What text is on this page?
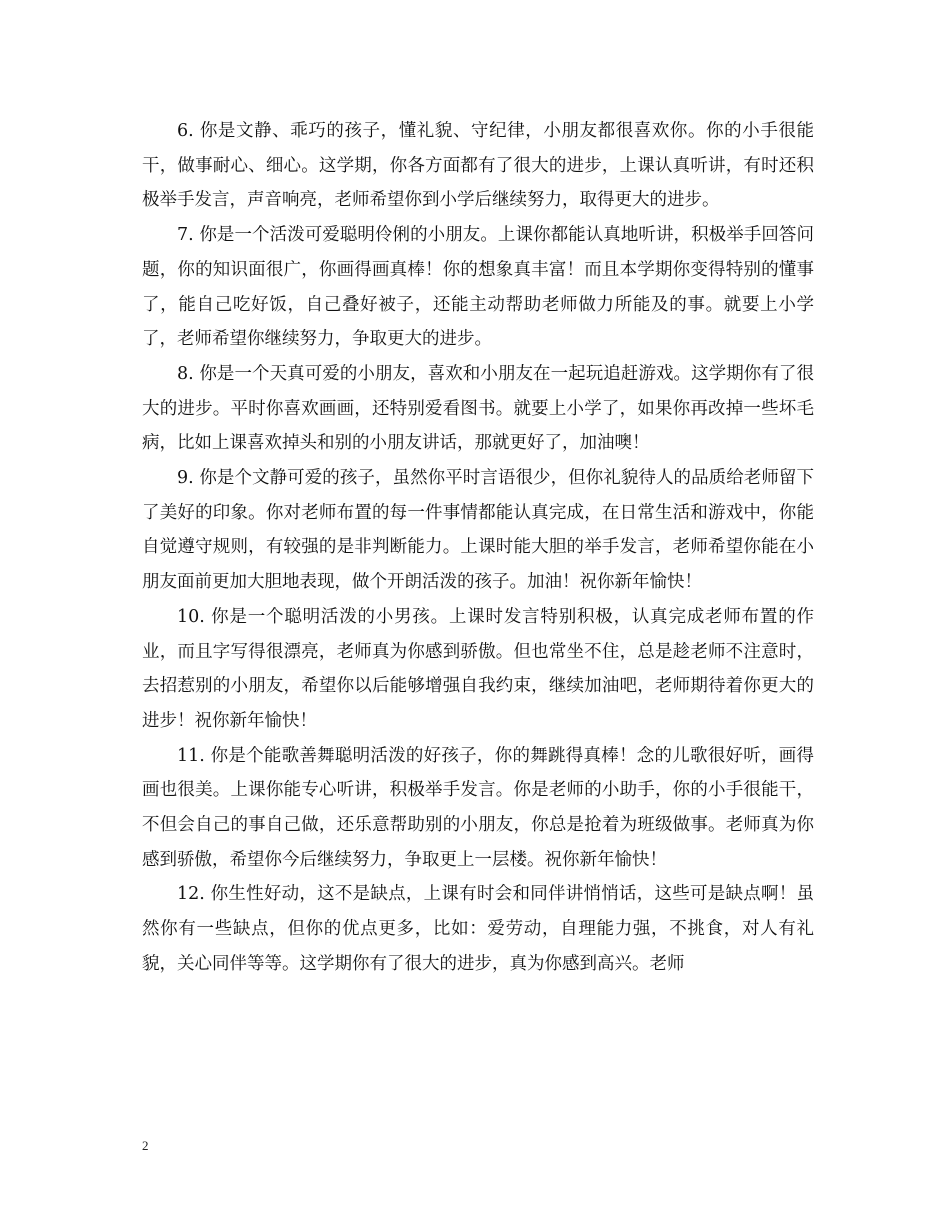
6. 你是文静、乖巧的孩子，懂礼貌、守纪律，小朋友都很喜欢你。你的小手很能干，做事耐心、细心。这学期，你各方面都有了很大的进步，上课认真听讲，有时还积极举手发言，声音响亮，老师希望你到小学后继续努力，取得更大的进步。

7. 你是一个活泼可爱聪明伶俐的小朋友。上课你都能认真地听讲，积极举手回答问题，你的知识面很广，你画得画真棒！你的想象真丰富！而且本学期你变得特别的懂事了，能自己吃好饭，自己叠好被子，还能主动帮助老师做力所能及的事。就要上小学了，老师希望你继续努力，争取更大的进步。

8. 你是一个天真可爱的小朋友，喜欢和小朋友在一起玩追赶游戏。这学期你有了很大的进步。平时你喜欢画画，还特别爱看图书。就要上小学了，如果你再改掉一些坏毛病，比如上课喜欢掉头和别的小朋友讲话，那就更好了，加油噢！

9. 你是个文静可爱的孩子，虽然你平时言语很少，但你礼貌待人的品质给老师留下了美好的印象。你对老师布置的每一件事情都能认真完成，在日常生活和游戏中，你能自觉遵守规则，有较强的是非判断能力。上课时能大胆的举手发言，老师希望你能在小朋友面前更加大胆地表现，做个开朗活泼的孩子。加油！祝你新年愉快！

10. 你是一个聪明活泼的小男孩。上课时发言特别积极，认真完成老师布置的作业，而且字写得很漂亮，老师真为你感到骄傲。但也常坐不住，总是趁老师不注意时，去招惹别的小朋友，希望你以后能够增强自我约束，继续加油吧，老师期待着你更大的进步！祝你新年愉快！

11. 你是个能歌善舞聪明活泼的好孩子，你的舞跳得真棒！念的儿歌很好听，画得画也很美。上课你能专心听讲，积极举手发言。你是老师的小助手，你的小手很能干，不但会自己的事自己做，还乐意帮助别的小朋友，你总是抢着为班级做事。老师真为你感到骄傲，希望你今后继续努力，争取更上一层楼。祝你新年愉快！

12. 你生性好动，这不是缺点，上课有时会和同伴讲悄悄话，这些可是缺点啊！虽然你有一些缺点，但你的优点更多，比如：爱劳动，自理能力强，不挑食，对人有礼貌，关心同伴等等。这学期你有了很大的进步，真为你感到高兴。老师

2
